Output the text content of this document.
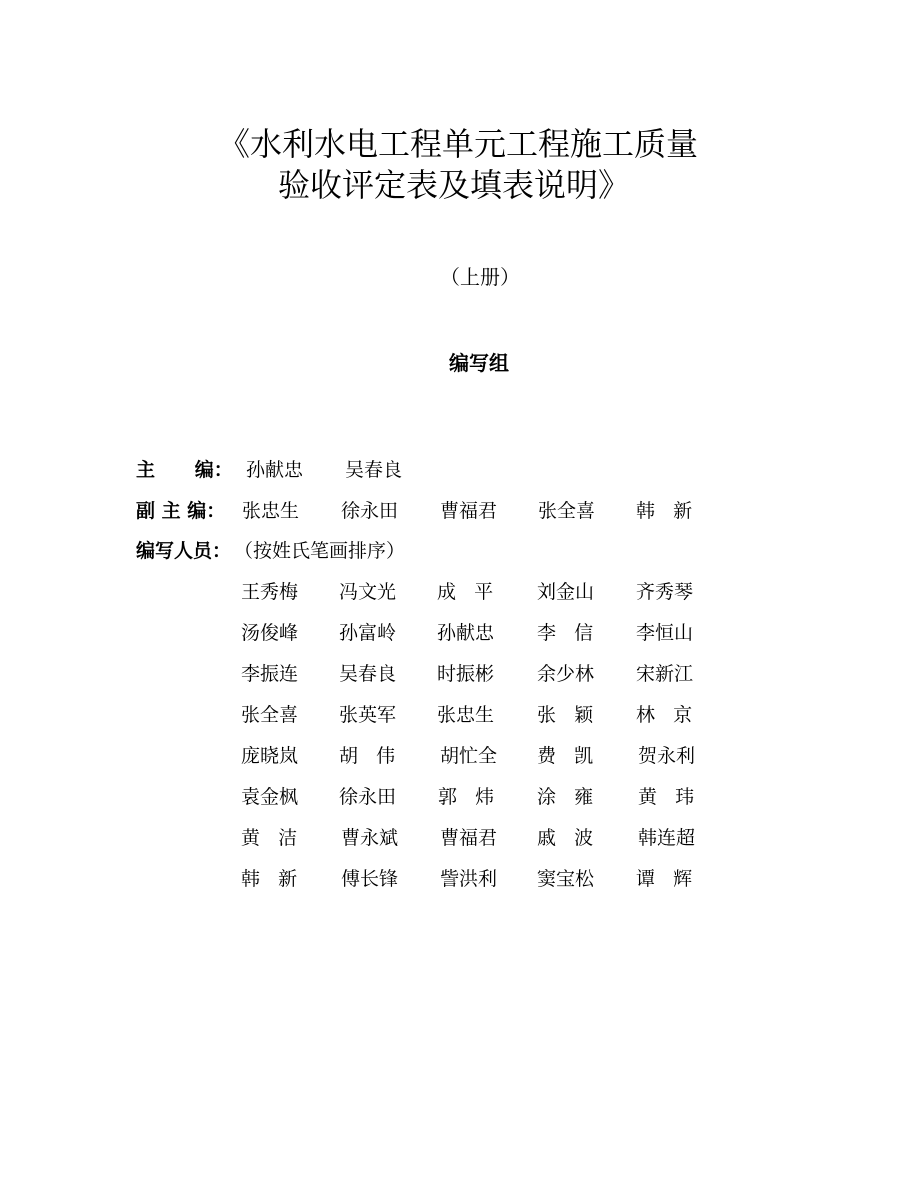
《水利水电工程单元工程施工质量
验收评定表及填表说明》
（上册）
编写组
主      编： 孙献忠 吴春良
副 主 编： 张忠生 徐永田 曹福君 张全喜 韩   新
编写人员： （按姓氏笔画排序）
王秀梅 冯文光 成   平 刘金山 齐秀琴
汤俊峰 孙富岭 孙献忠 李   信 李恒山
李振连 吴春良 时振彬 余少林 宋新江
张全喜 张英军 张忠生 张   颖 林   京
庞晓岚 胡   伟 胡忙全 费   凯 贺永利
袁金枫 徐永田 郭   炜 涂   雍 黄   玮
黄   洁 曹永斌 曹福君 戚   波 韩连超
韩   新 傅长锋 訾洪利 窦宝松 谭   辉
